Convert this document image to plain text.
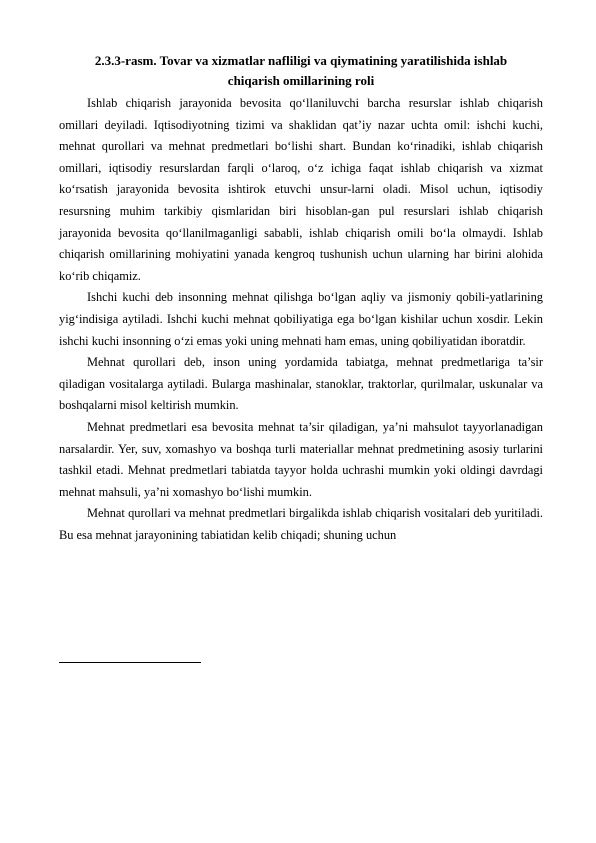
2.3.3-rasm. Tovar va xizmatlar nafliligi va qiymatining yaratilishida ishlab
chiqarish omillarining roli

Ishlab chiqarish jarayonida bevosita qo‘llaniluvchi barcha resurslar ishlab chiqarish omillari deyiladi. Iqtisodiyotning tizimi va shaklidan qat’iy nazar uchta omil: ishchi kuchi, mehnat qurollari va mehnat predmetlari bo‘lishi shart. Bundan ko‘rinadiki, ishlab chiqarish omillari, iqtisodiy resurslardan farqli o‘laroq, o‘z ichiga faqat ishlab chiqarish va xizmat ko‘rsatish jarayonida bevosita ishtirok etuvchi unsur-larni oladi. Misol uchun, iqtisodiy resursning muhim tarkibiy qismlaridan biri hisoblan-gan pul resurslari ishlab chiqarish jarayonida bevosita qo‘llanilmaganligi sababli, ishlab chiqarish omili bo‘la olmaydi. Ishlab chiqarish omillarining mohiyatini yanada kengroq tushunish uchun ularning har birini alohida ko‘rib chiqamiz.

Ishchi kuchi deb insonning mehnat qilishga bo‘lgan aqliy va jismoniy qobili-yatlarining yig‘indisiga aytiladi. Ishchi kuchi mehnat qobiliyatiga ega bo‘lgan kishilar uchun xosdir. Lekin ishchi kuchi insonning o‘zi emas yoki uning mehnati ham emas, uning qobiliyatidan iboratdir.

Mehnat qurollari deb, inson uning yordamida tabiatga, mehnat predmetlariga ta’sir qiladigan vositalarga aytiladi. Bularga mashinalar, stanoklar, traktorlar, qurilmalar, uskunalar va boshqalarni misol keltirish mumkin.

Mehnat predmetlari esa bevosita mehnat ta’sir qiladigan, ya’ni mahsulot tayyorlanadigan narsalardir. Yer, suv, xomashyo va boshqa turli materiallar mehnat predmetining asosiy turlarini tashkil etadi. Mehnat predmetlari tabiatda tayyor holda uchrashi mumkin yoki oldingi davrdagi mehnat mahsuli, ya’ni xomashyo bo‘lishi mumkin.

Mehnat qurollari va mehnat predmetlari birgalikda ishlab chiqarish vositalari deb yuritiladi. Bu esa mehnat jarayonining tabiatidan kelib chiqadi; shuning uchun
